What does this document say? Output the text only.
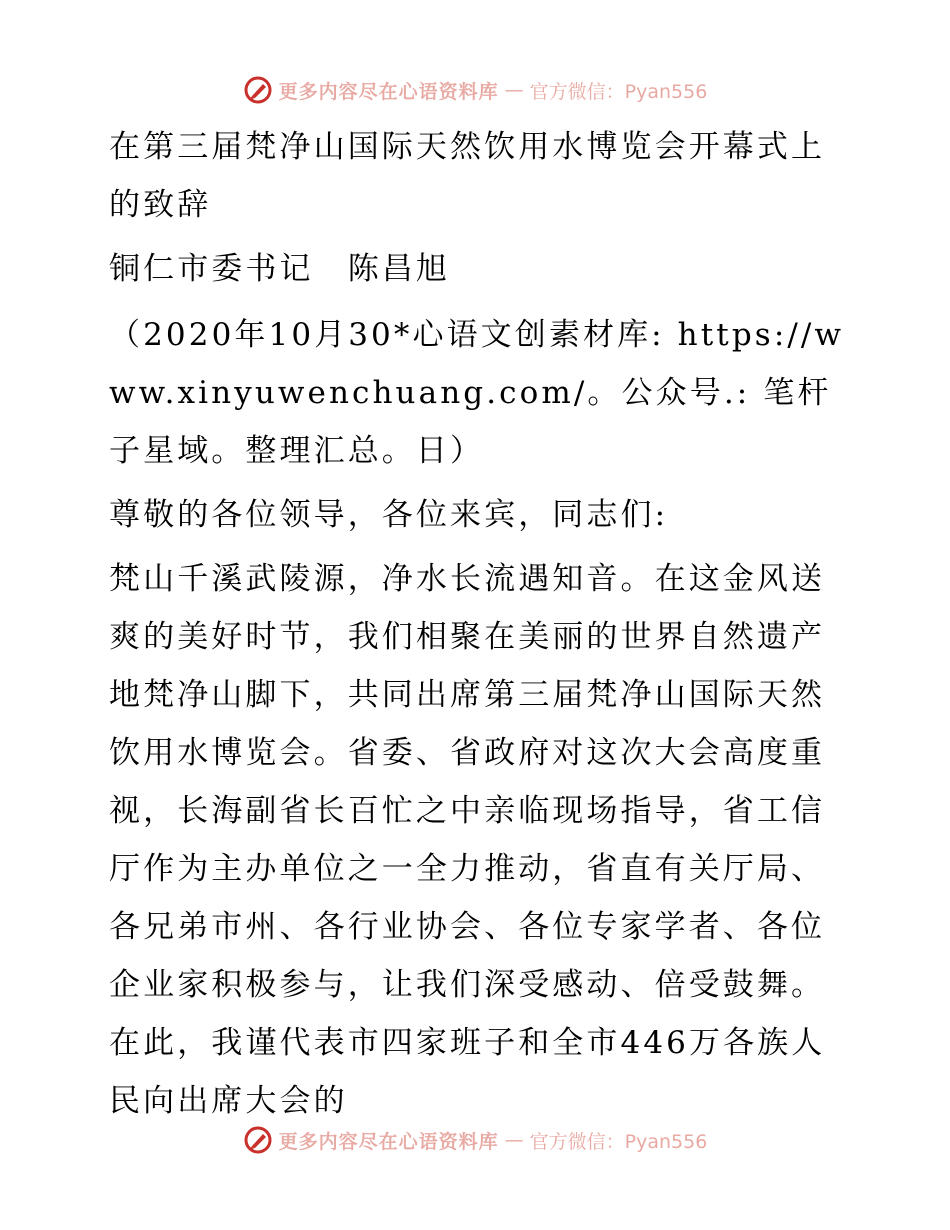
更多内容尽在心语资料库 — 官方微信：Pyan556

在第三届梵净山国际天然饮用水博览会开幕式上的致辞

铜仁市委书记　陈昌旭

（2020年10月30*心语文创素材库: https://www.xinyuwenchuang.com/。公众号.: 笔杆子星域。整理汇总。日）

尊敬的各位领导，各位来宾，同志们:

梵山千溪武陵源，净水长流遇知音。在这金风送爽的美好时节，我们相聚在美丽的世界自然遗产地梵净山脚下，共同出席第三届梵净山国际天然饮用水博览会。省委、省政府对这次大会高度重视，长海副省长百忙之中亲临现场指导，省工信厅作为主办单位之一全力推动，省直有关厅局、各兄弟市州、各行业协会、各位专家学者、各位企业家积极参与，让我们深受感动、倍受鼓舞。在此，我谨代表市四家班子和全市446万各族人民向出席大会的

更多内容尽在心语资料库 — 官方微信：Pyan556
